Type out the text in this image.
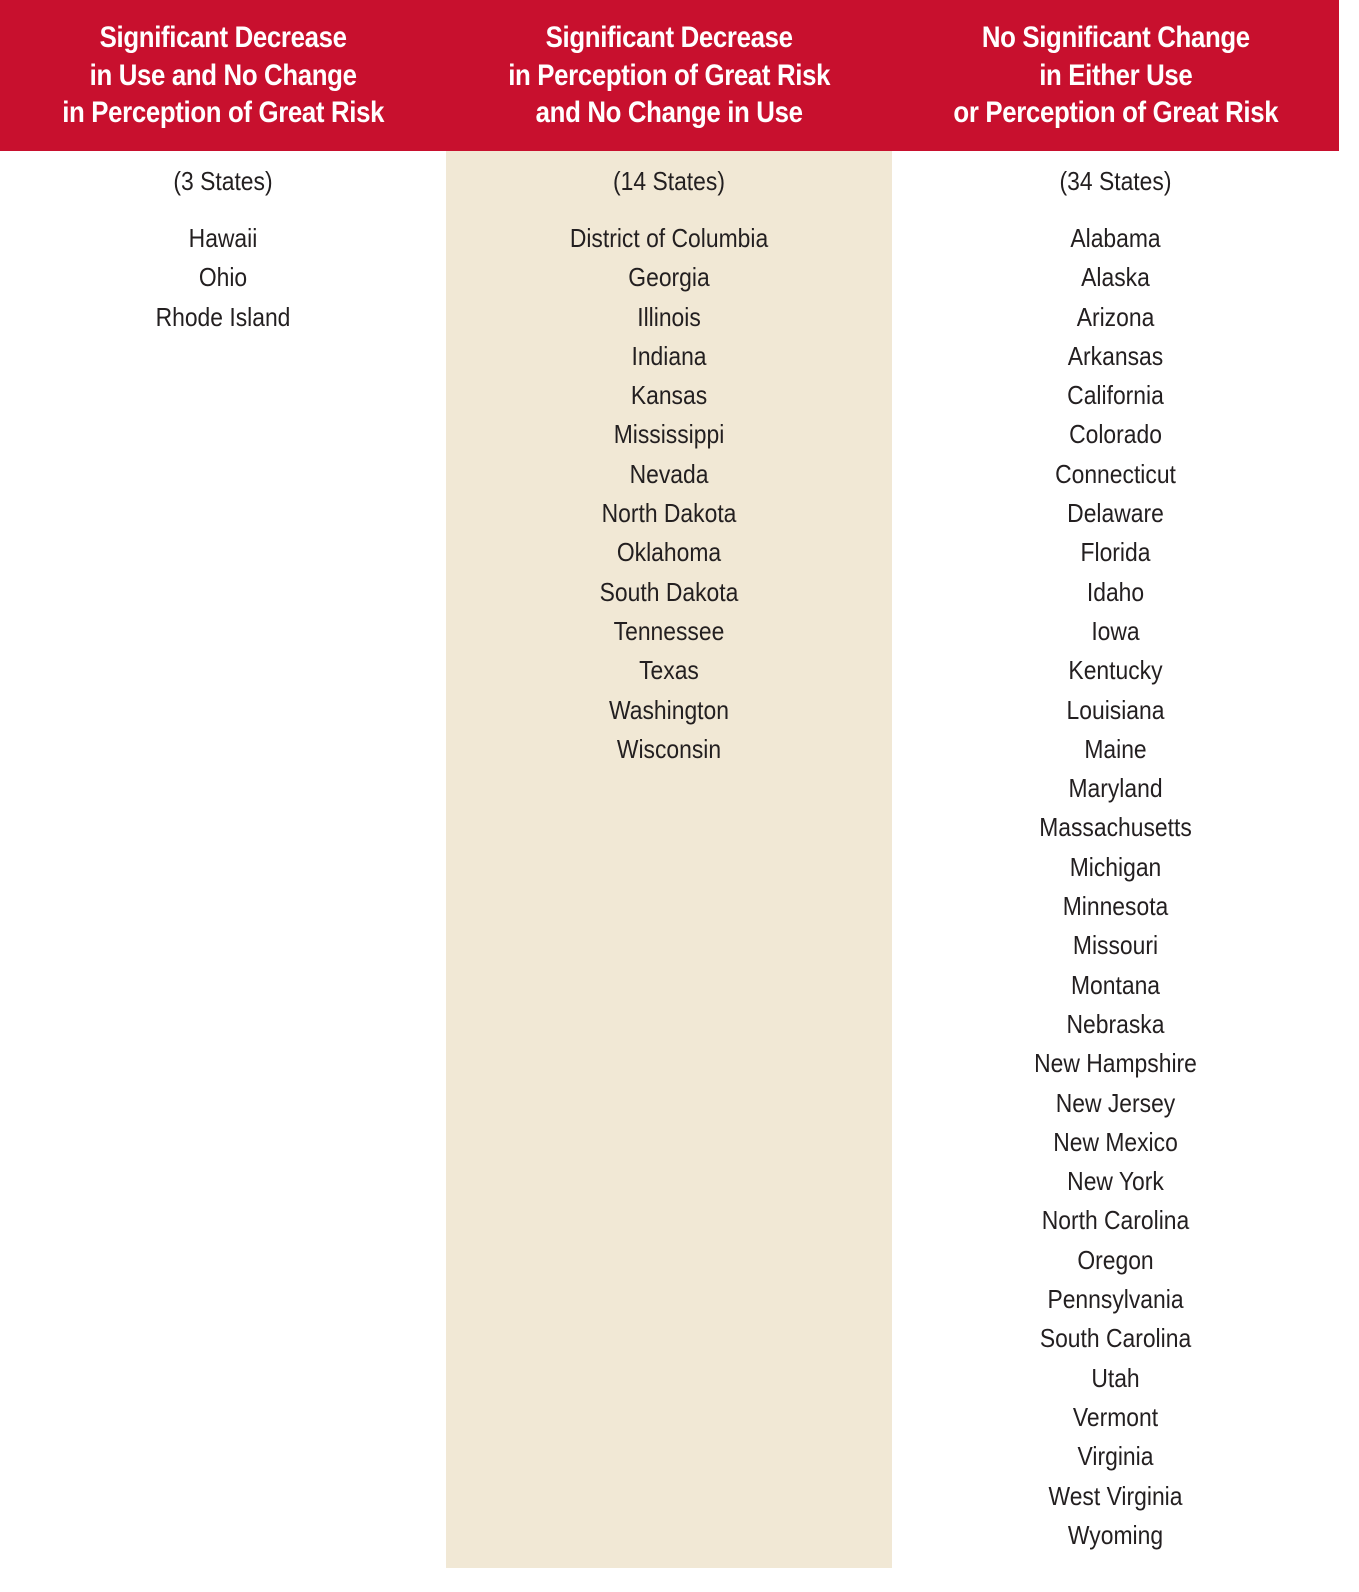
Significant Decrease
in Use and No Change
in Perception of Great Risk
(3 States)
Hawaii
Ohio
Rhode Island
Significant Decrease
in Perception of Great Risk
and No Change in Use
(14 States)
District of Columbia
Georgia
Illinois
Indiana
Kansas
Mississippi
Nevada
North Dakota
Oklahoma
South Dakota
Tennessee
Texas
Washington
Wisconsin
No Significant Change
in Either Use
or Perception of Great Risk
(34 States)
Alabama
Alaska
Arizona
Arkansas
California
Colorado
Connecticut
Delaware
Florida
Idaho
Iowa
Kentucky
Louisiana
Maine
Maryland
Massachusetts
Michigan
Minnesota
Missouri
Montana
Nebraska
New Hampshire
New Jersey
New Mexico
New York
North Carolina
Oregon
Pennsylvania
South Carolina
Utah
Vermont
Virginia
West Virginia
Wyoming
